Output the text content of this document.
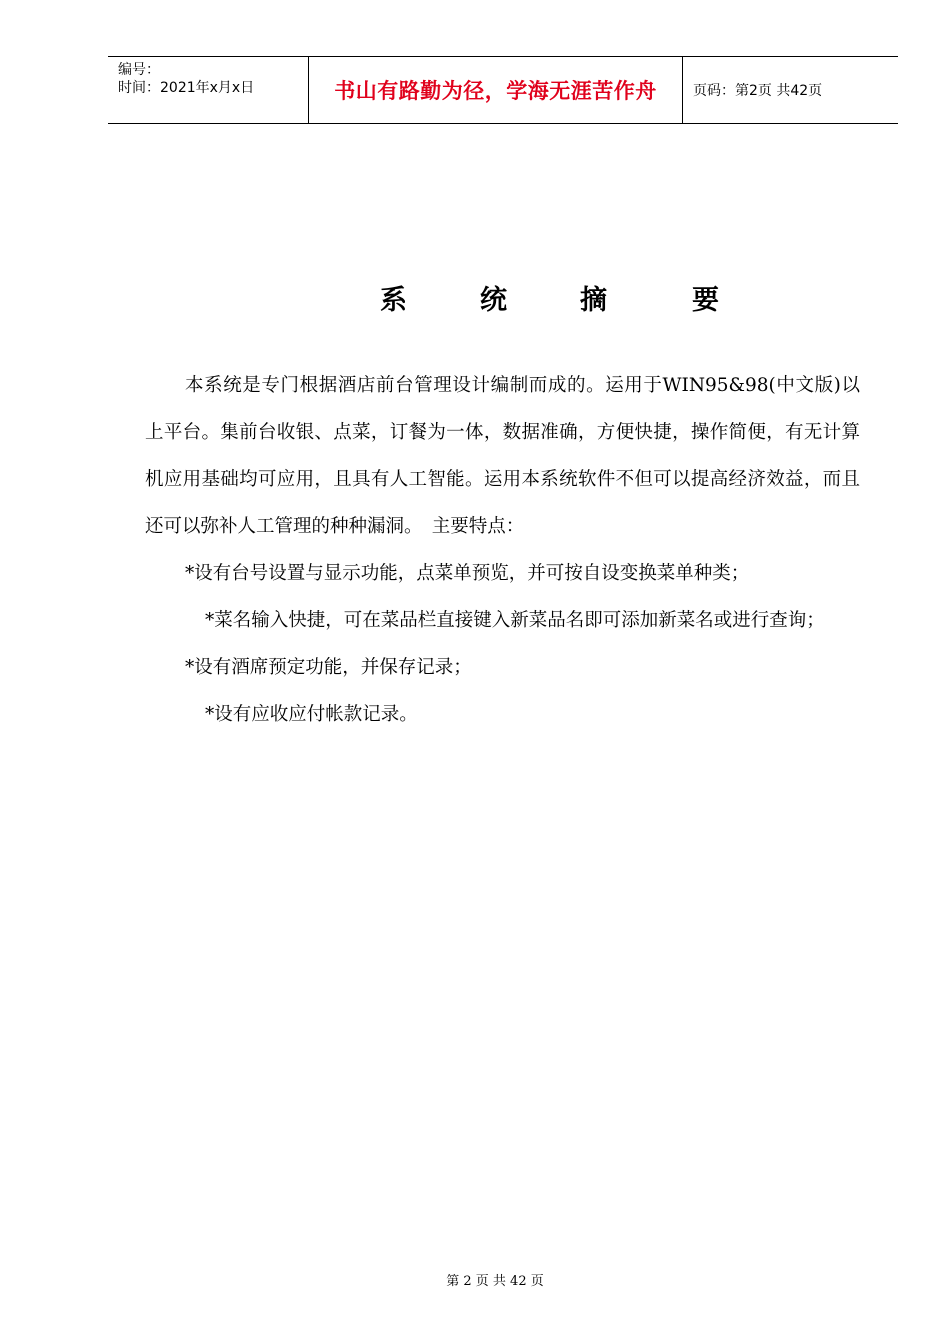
编号：
时间：2021年x月x日	书山有路勤为径，学海无涯苦作舟	页码：第2页 共42页
系	统	摘	要

本系统是专门根据酒店前台管理设计编制而成的。运用于WIN95&98(中文版)以上平台。集前台收银、点菜，订餐为一体，数据准确，方便快捷，操作简便，有无计算机应用基础均可应用，且具有人工智能。运用本系统软件不但可以提高经济效益，而且还可以弥补人工管理的种种漏洞。　主要特点：

*设有台号设置与显示功能，点菜单预览，并可按自设变换菜单种类；

*菜名输入快捷，可在菜品栏直接键入新菜品名即可添加新菜名或进行查询；

*设有酒席预定功能，并保存记录；

*设有应收应付帐款记录。

第 2 页 共 42 页
